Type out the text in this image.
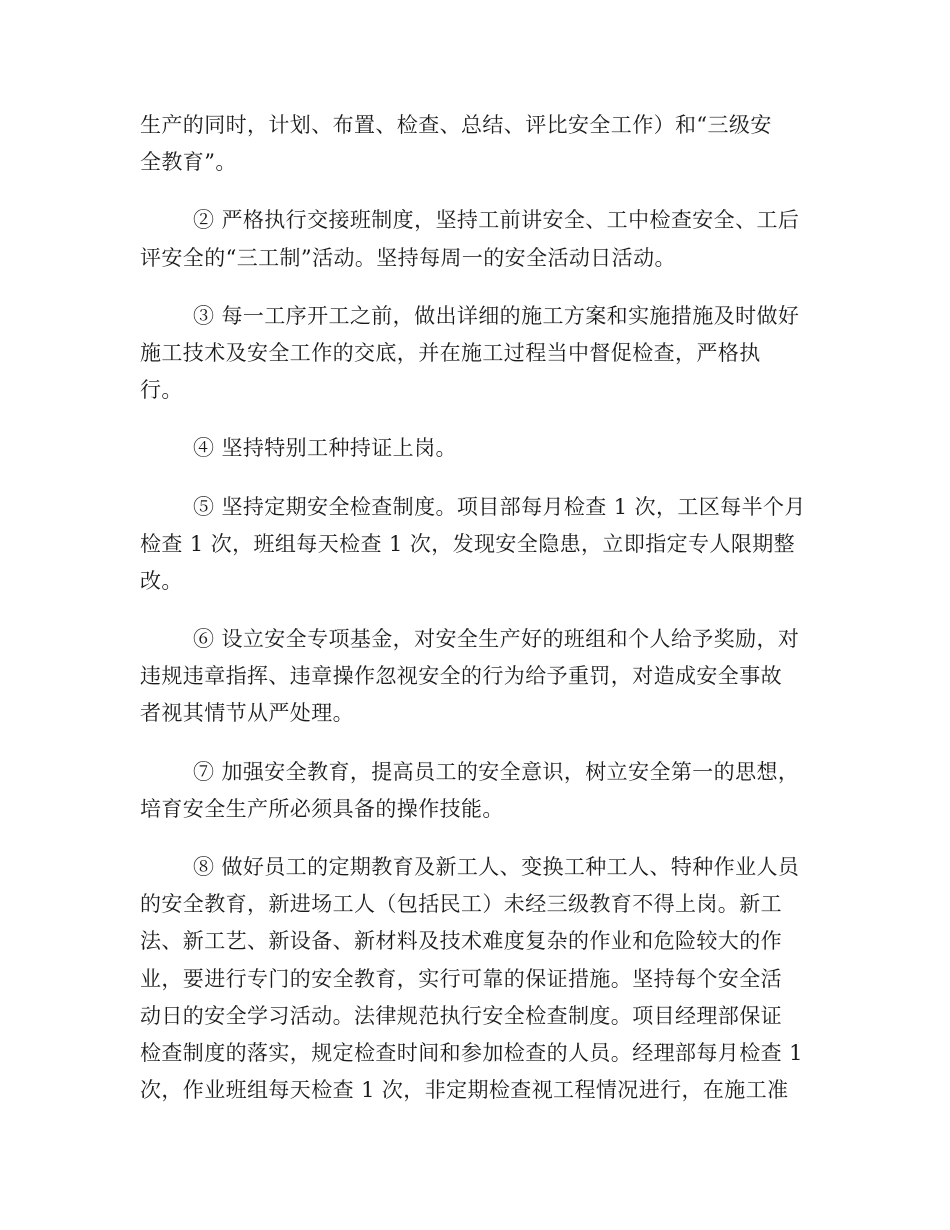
生产的同时，计划、布置、检查、总结、评比安全工作）和“三级安
全教育”。

② 严格执行交接班制度，坚持工前讲安全、工中检查安全、工后
评安全的“三工制”活动。坚持每周一的安全活动日活动。

③ 每一工序开工之前，做出详细的施工方案和实施措施及时做好
施工技术及安全工作的交底，并在施工过程当中督促检查，严格执
行。

④ 坚持特别工种持证上岗。

⑤ 坚持定期安全检查制度。项目部每月检查 1 次，工区每半个月
检查 1 次，班组每天检查 1 次，发现安全隐患，立即指定专人限期整
改。

⑥ 设立安全专项基金，对安全生产好的班组和个人给予奖励，对
违规违章指挥、违章操作忽视安全的行为给予重罚，对造成安全事故
者视其情节从严处理。

⑦ 加强安全教育，提高员工的安全意识，树立安全第一的思想，
培育安全生产所必须具备的操作技能。

⑧ 做好员工的定期教育及新工人、变换工种工人、特种作业人员
的安全教育，新进场工人（包括民工）未经三级教育不得上岗。新工
法、新工艺、新设备、新材料及技术难度复杂的作业和危险较大的作
业，要进行专门的安全教育，实行可靠的保证措施。坚持每个安全活
动日的安全学习活动。法律规范执行安全检查制度。项目经理部保证
检查制度的落实，规定检查时间和参加检查的人员。经理部每月检查 1
次，作业班组每天检查 1 次，非定期检查视工程情况进行，在施工准
